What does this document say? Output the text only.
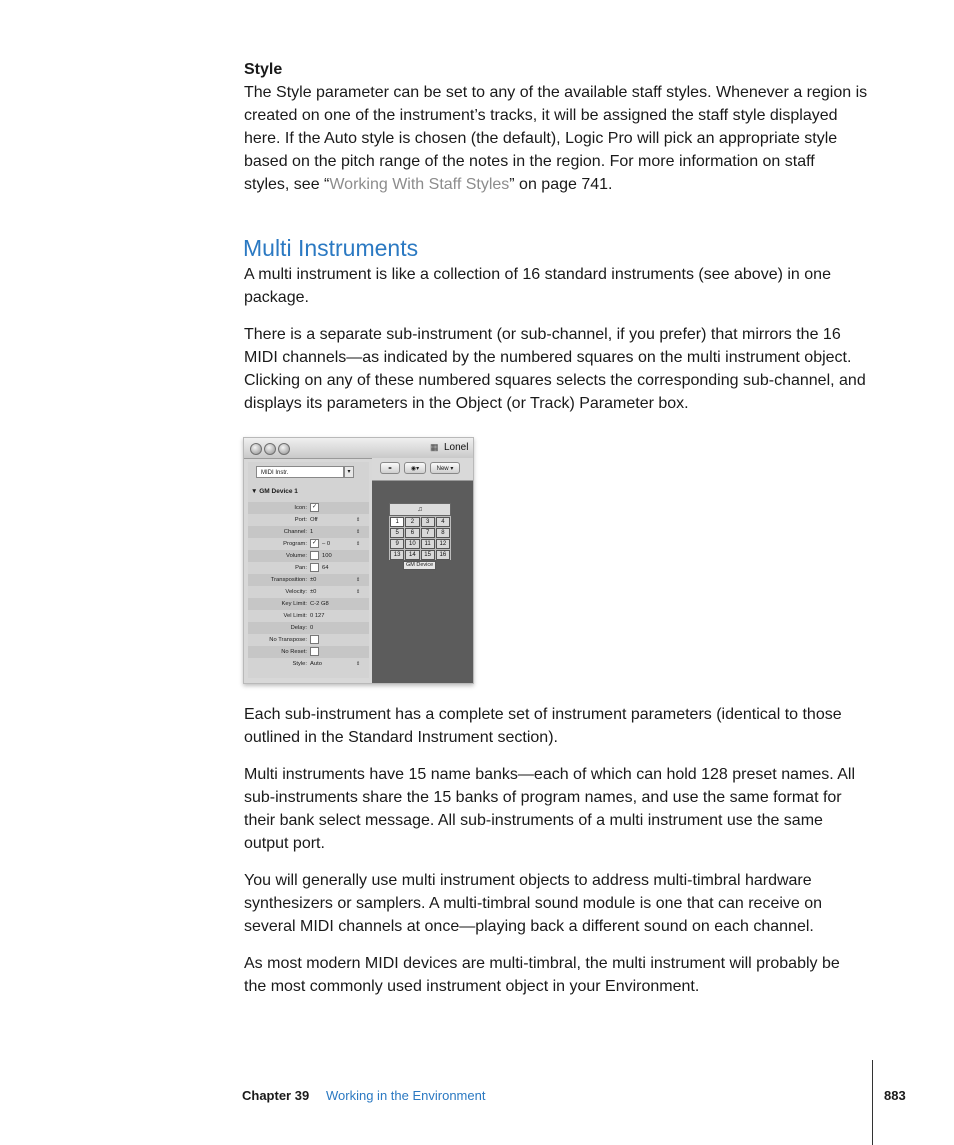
Style
The Style parameter can be set to any of the available staff styles. Whenever a region is
created on one of the instrument’s tracks, it will be assigned the staff style displayed
here. If the Auto style is chosen (the default), Logic Pro will pick an appropriate style
based on the pitch range of the notes in the region. For more information on staff
styles, see “Working With Staff Styles” on page 741.
Multi Instruments
A multi instrument is like a collection of 16 standard instruments (see above) in one
package.
There is a separate sub-instrument (or sub-channel, if you prefer) that mirrors the 16
MIDI channels—as indicated by the numbered squares on the multi instrument object.
Clicking on any of these numbered squares selects the corresponding sub-channel, and
displays its parameters in the Object (or Track) Parameter box.
▦ Lonel
MIDI Instr.	▾
▼ GM Device 1
Icon: ✓
Port: Off	⇕
Channel: 1	⇕
Program: ✓ – 0	⇕
Volume:	100
Pan:	64
Transposition: ±0	⇕
Velocity: ±0	⇕
Key Limit: C-2 G8
Vel Limit: 0 127
Delay: 0
No Transpose:
No Reset:
Style: Auto	⇕
⚭	◉▾	New ▾
♫
1	2	3	4
5	6	7	8
9	10	11	12
13	14	15	16
GM Device
Each sub-instrument has a complete set of instrument parameters (identical to those
outlined in the Standard Instrument section).
Multi instruments have 15 name banks—each of which can hold 128 preset names. All
sub-instruments share the 15 banks of program names, and use the same format for
their bank select message. All sub-instruments of a multi instrument use the same
output port.
You will generally use multi instrument objects to address multi-timbral hardware
synthesizers or samplers. A multi-timbral sound module is one that can receive on
several MIDI channels at once—playing back a different sound on each channel.
As most modern MIDI devices are multi-timbral, the multi instrument will probably be
the most commonly used instrument object in your Environment.
Chapter 39 Working in the Environment	883
